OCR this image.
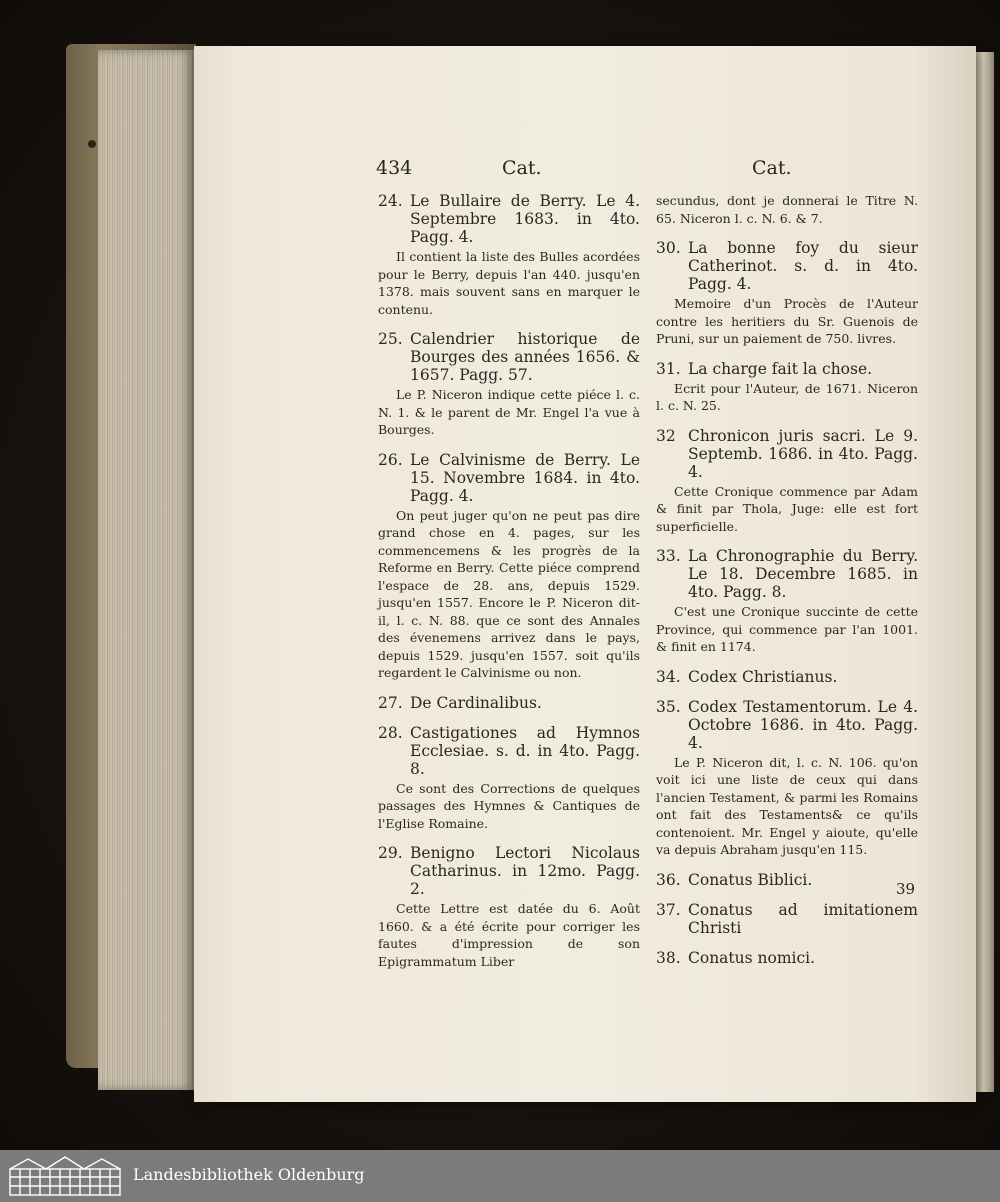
434	Cat.	Cat.
24. Le Bullaire de Berry. Le 4. Septembre 1683. in 4to. Pagg. 4.
Il contient la liste des Bulles acordées pour le Berry, depuis l'an 440. jusqu'en 1378. mais souvent sans en marquer le contenu.
25. Calendrier historique de Bourges des années 1656. & 1657. Pagg. 57.
Le P. Niceron indique cette piéce l. c. N. 1. & le parent de Mr. Engel l'a vue à Bourges.
26. Le Calvinisme de Berry. Le 15. Novembre 1684. in 4to. Pagg. 4.
On peut juger qu'on ne peut pas dire grand chose en 4. pages, sur les commencemens & les progrès de la Reforme en Berry. Cette piéce comprend l'espace de 28. ans, depuis 1529. jusqu'en 1557. Encore le P. Niceron dit- il, l. c. N. 88. que ce sont des Annales des évenemens arrivez dans le pays, depuis 1529. jusqu'en 1557. soit qu'ils regardent le Calvinisme ou non.
27. De Cardinalibus.
28. Castigationes ad Hymnos Ecclesiae. s. d. in 4to. Pagg. 8.
Ce sont des Corrections de quelques passages des Hymnes & Cantiques de l'Eglise Romaine.
29. Benigno Lectori Nicolaus Catharinus. in 12mo. Pagg. 2.
Cette Lettre est datée du 6. Août 1660. & a été écrite pour corriger les fautes d'impression de son Epigrammatum Liber
secundus, dont je donnerai le Titre N. 65. Niceron l. c. N. 6. & 7.
30. La bonne foy du sieur Catherinot. s. d. in 4to. Pagg. 4.
Memoire d'un Procès de l'Auteur contre les heritiers du Sr. Guenois de Pruni, sur un paiement de 750. livres.
31. La charge fait la chose.
Ecrit pour l'Auteur, de 1671. Niceron l. c. N. 25.
32 Chronicon juris sacri. Le 9. Septemb. 1686. in 4to. Pagg. 4.
Cette Cronique commence par Adam & finit par Thola, Juge: elle est fort superficielle.
33. La Chronographie du Berry. Le 18. Decembre 1685. in 4to. Pagg. 8.
C'est une Cronique succinte de cette Province, qui commence par l'an 1001. & finit en 1174.
34. Codex Christianus.
35. Codex Testamentorum. Le 4. Octobre 1686. in 4to. Pagg. 4.
Le P. Niceron dit, l. c. N. 106. qu'on voit ici une liste de ceux qui dans l'ancien Testament, & parmi les Romains ont fait des Testaments& ce qu'ils contenoient. Mr. Engel y aioute, qu'elle va depuis Abraham jusqu'en 115.
36. Conatus Biblici.
37. Conatus ad imitationem Christi
38. Conatus nomici.
39
Landesbibliothek Oldenburg
